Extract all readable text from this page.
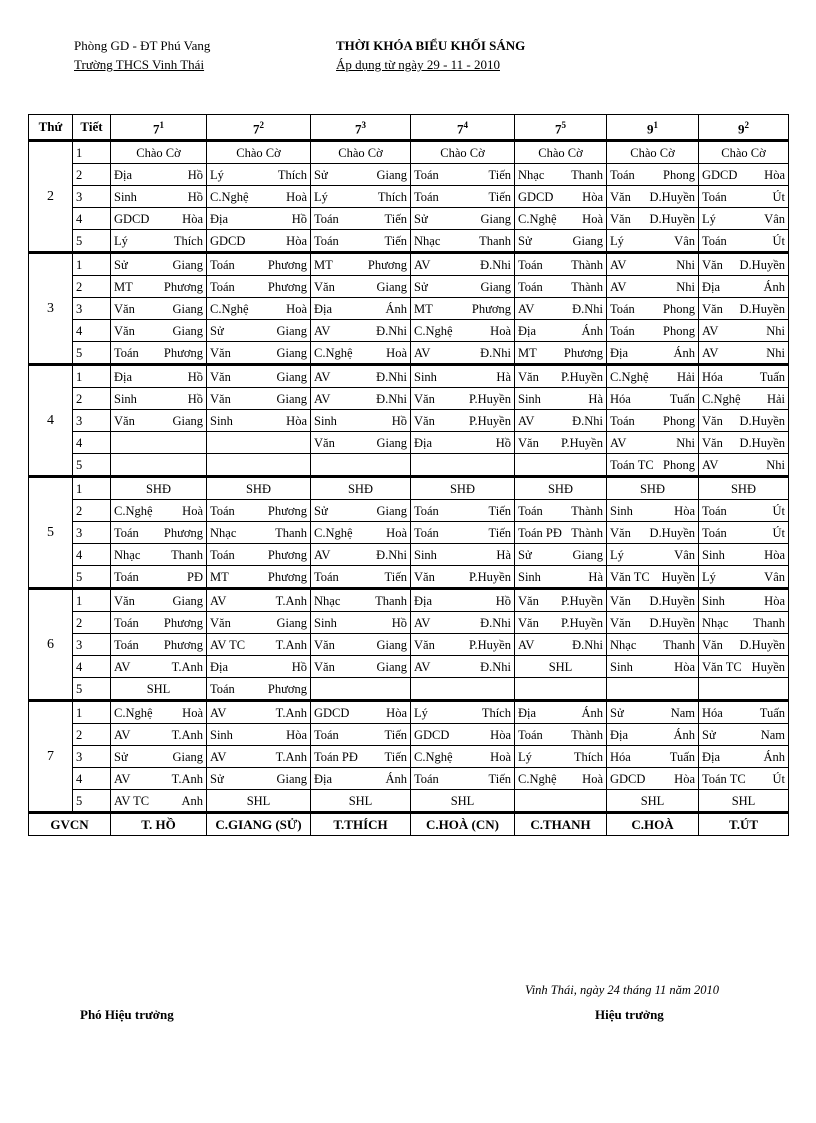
Phòng GD - ĐT Phú Vang
Trường THCS Vinh Thái
THỜI KHÓA BIỂU KHỐI SÁNG
Áp dụng từ ngày 29 - 11 - 2010
Thứ	Tiết	$7^1$	$7^2$	$7^3$	$7^4$	$7^5$	$9^1$	$9^2$
2	1	Chào Cờ	Chào Cờ	Chào Cờ	Chào Cờ	Chào Cờ	Chào Cờ	Chào Cờ

	2	Địa Hồ	Lý Thích	Sử Giang	Toán Tiến	Nhạc Thanh	Toán Phong	GDCD Hòa

	3	Sinh Hồ	C.Nghệ Hoà	Lý Thích	Toán Tiến	GDCD Hòa	Văn D.Huyền	Toán Út

	4	GDCD Hòa	Địa Hồ	Toán Tiến	Sử Giang	C.Nghệ Hoà	Văn D.Huyền	Lý Vân

	5	Lý Thích	GDCD Hòa	Toán Tiến	Nhạc Thanh	Sử Giang	Lý Vân	Toán Út

3	1	Sử Giang	Toán Phương	MT Phương	AV Đ.Nhi	Toán Thành	AV Nhi	Văn D.Huyền

	2	MT Phương	Toán Phương	Văn Giang	Sử Giang	Toán Thành	AV Nhi	Địa Ánh

	3	Văn Giang	C.Nghệ Hoà	Địa Ánh	MT Phương	AV Đ.Nhi	Toán Phong	Văn D.Huyền

	4	Văn Giang	Sử Giang	AV Đ.Nhi	C.Nghệ Hoà	Địa Ánh	Toán Phong	AV Nhi

	5	Toán Phương	Văn Giang	C.Nghệ Hoà	AV Đ.Nhi	MT Phương	Địa Ánh	AV Nhi

4	1	Địa Hồ	Văn Giang	AV Đ.Nhi	Sinh Hà	Văn P.Huyền	C.Nghệ Hải	Hóa Tuấn

	2	Sinh Hồ	Văn Giang	AV Đ.Nhi	Văn P.Huyền	Sinh Hà	Hóa Tuấn	C.Nghệ Hải

	3	Văn Giang	Sinh Hòa	Sinh Hồ	Văn P.Huyền	AV Đ.Nhi	Toán Phong	Văn D.Huyền

	4			Văn Giang	Địa Hồ	Văn P.Huyền	AV Nhi	Văn D.Huyền

	5						Toán TC Phong	AV Nhi

5	1	SHĐ	SHĐ	SHĐ	SHĐ	SHĐ	SHĐ	SHĐ

	2	C.Nghệ Hoà	Toán Phương	Sử Giang	Toán Tiến	Toán Thành	Sinh Hòa	Toán Út

	3	Toán Phương	Nhạc Thanh	C.Nghệ Hoà	Toán Tiến	Toán PĐ Thành	Văn D.Huyền	Toán Út

	4	Nhạc Thanh	Toán Phương	AV Đ.Nhi	Sinh Hà	Sử Giang	Lý Vân	Sinh Hòa

	5	Toán PĐ	MT Phương	Toán Tiến	Văn P.Huyền	Sinh Hà	Văn TC Huyền	Lý Vân

6	1	Văn Giang	AV T.Anh	Nhạc Thanh	Địa Hồ	Văn P.Huyền	Văn D.Huyền	Sinh Hòa

	2	Toán Phương	Văn Giang	Sinh Hồ	AV Đ.Nhi	Văn P.Huyền	Văn D.Huyền	Nhạc Thanh

	3	Toán Phương	AV TC T.Anh	Văn Giang	Văn P.Huyền	AV Đ.Nhi	Nhạc Thanh	Văn D.Huyền

	4	AV T.Anh	Địa Hồ	Văn Giang	AV Đ.Nhi	SHL	Sinh Hòa	Văn TC Huyền

	5	SHL	Toán Phương					

7	1	C.Nghệ Hoà	AV T.Anh	GDCD Hòa	Lý Thích	Địa Ánh	Sử Nam	Hóa Tuấn

	2	AV T.Anh	Sinh Hòa	Toán Tiến	GDCD Hòa	Toán Thành	Địa Ánh	Sử Nam

	3	Sử Giang	AV T.Anh	Toán PĐ Tiến	C.Nghệ Hoà	Lý Thích	Hóa Tuấn	Địa Ánh

	4	AV T.Anh	Sử Giang	Địa Ánh	Toán Tiến	C.Nghệ Hoà	GDCD Hòa	Toán TC Út

	5	AV TC Anh	SHL	SHL	SHL		SHL	SHL

GVCN		T. HỒ	C.GIANG (SỬ)	T.THÍCH	C.HOÀ (CN)	C.THANH	C.HOÀ	T.ÚT
Vinh Thái, ngày 24 tháng 11 năm 2010
Phó Hiệu trưởng	Hiệu trưởng
